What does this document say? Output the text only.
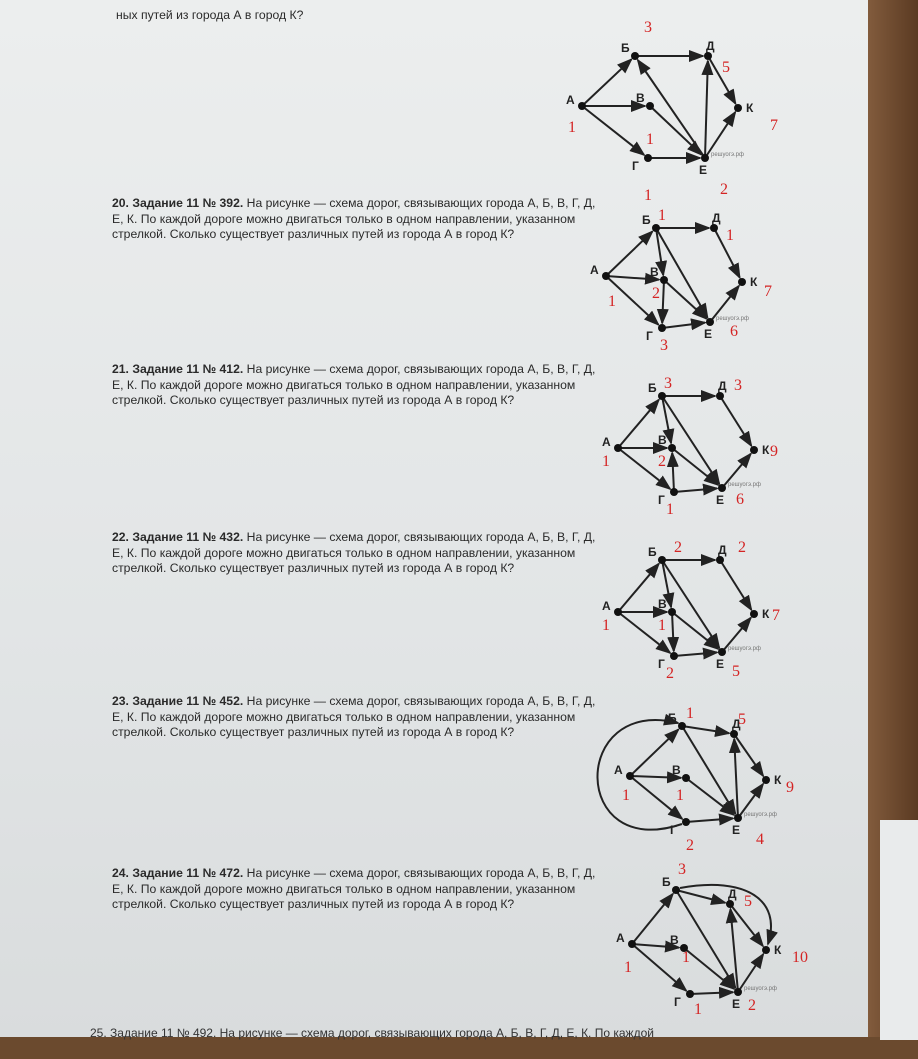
ных путей из города А в город К?
20. Задание 11 № 392. На рисунке — схема дорог, связывающих города А, Б, В, Г, Д, Е, К. По каждой дороге можно двигаться только в одном направлении, указанном стрелкой. Сколько существует различных путей из города А в город К?
21. Задание 11 № 412. На рисунке — схема дорог, связывающих города А, Б, В, Г, Д, Е, К. По каждой дороге можно двигаться только в одном направлении, указанном стрелкой. Сколько существует различных путей из города А в город К?
22. Задание 11 № 432. На рисунке — схема дорог, связывающих города А, Б, В, Г, Д, Е, К. По каждой дороге можно двигаться только в одном направлении, указанном стрелкой. Сколько существует различных путей из города А в город К?
23. Задание 11 № 452. На рисунке — схема дорог, связывающих города А, Б, В, Г, Д, Е, К. По каждой дороге можно двигаться только в одном направлении, указанном стрелкой. Сколько существует различных путей из города А в город К?
24. Задание 11 № 472. На рисунке — схема дорог, связывающих города А, Б, В, Г, Д, Е, К. По каждой дороге можно двигаться только в одном направлении, указанном стрелкой. Сколько существует различных путей из города А в город К?
25. Задание 11 № 492. На рисунке — схема дорог, связывающих города А, Б, В, Г, Д, Е, К. По каждой
А
1
Б
3
В
1
Г
1
Д
5
Е
2
К
7
решуогэ.рф
А
1
Б 1
В
2
Г
3
Д
1
Е 6
К
7
решуогэ.рф
А
1
Б 3
В
2
Г
1
Д 3
Е 6
К 9
решуогэ.рф
А
1
Б 2
В
1
Г
2
Д 2
Е 5
К 7
решуогэ.рф
А
1
Б 1
В
1
Г
2
Д
5
Е
4
К 9
решуогэ.рф
А
1
Б
3
В
1
Г 1
Д 5
Е 2
К 10
решуогэ.рф
